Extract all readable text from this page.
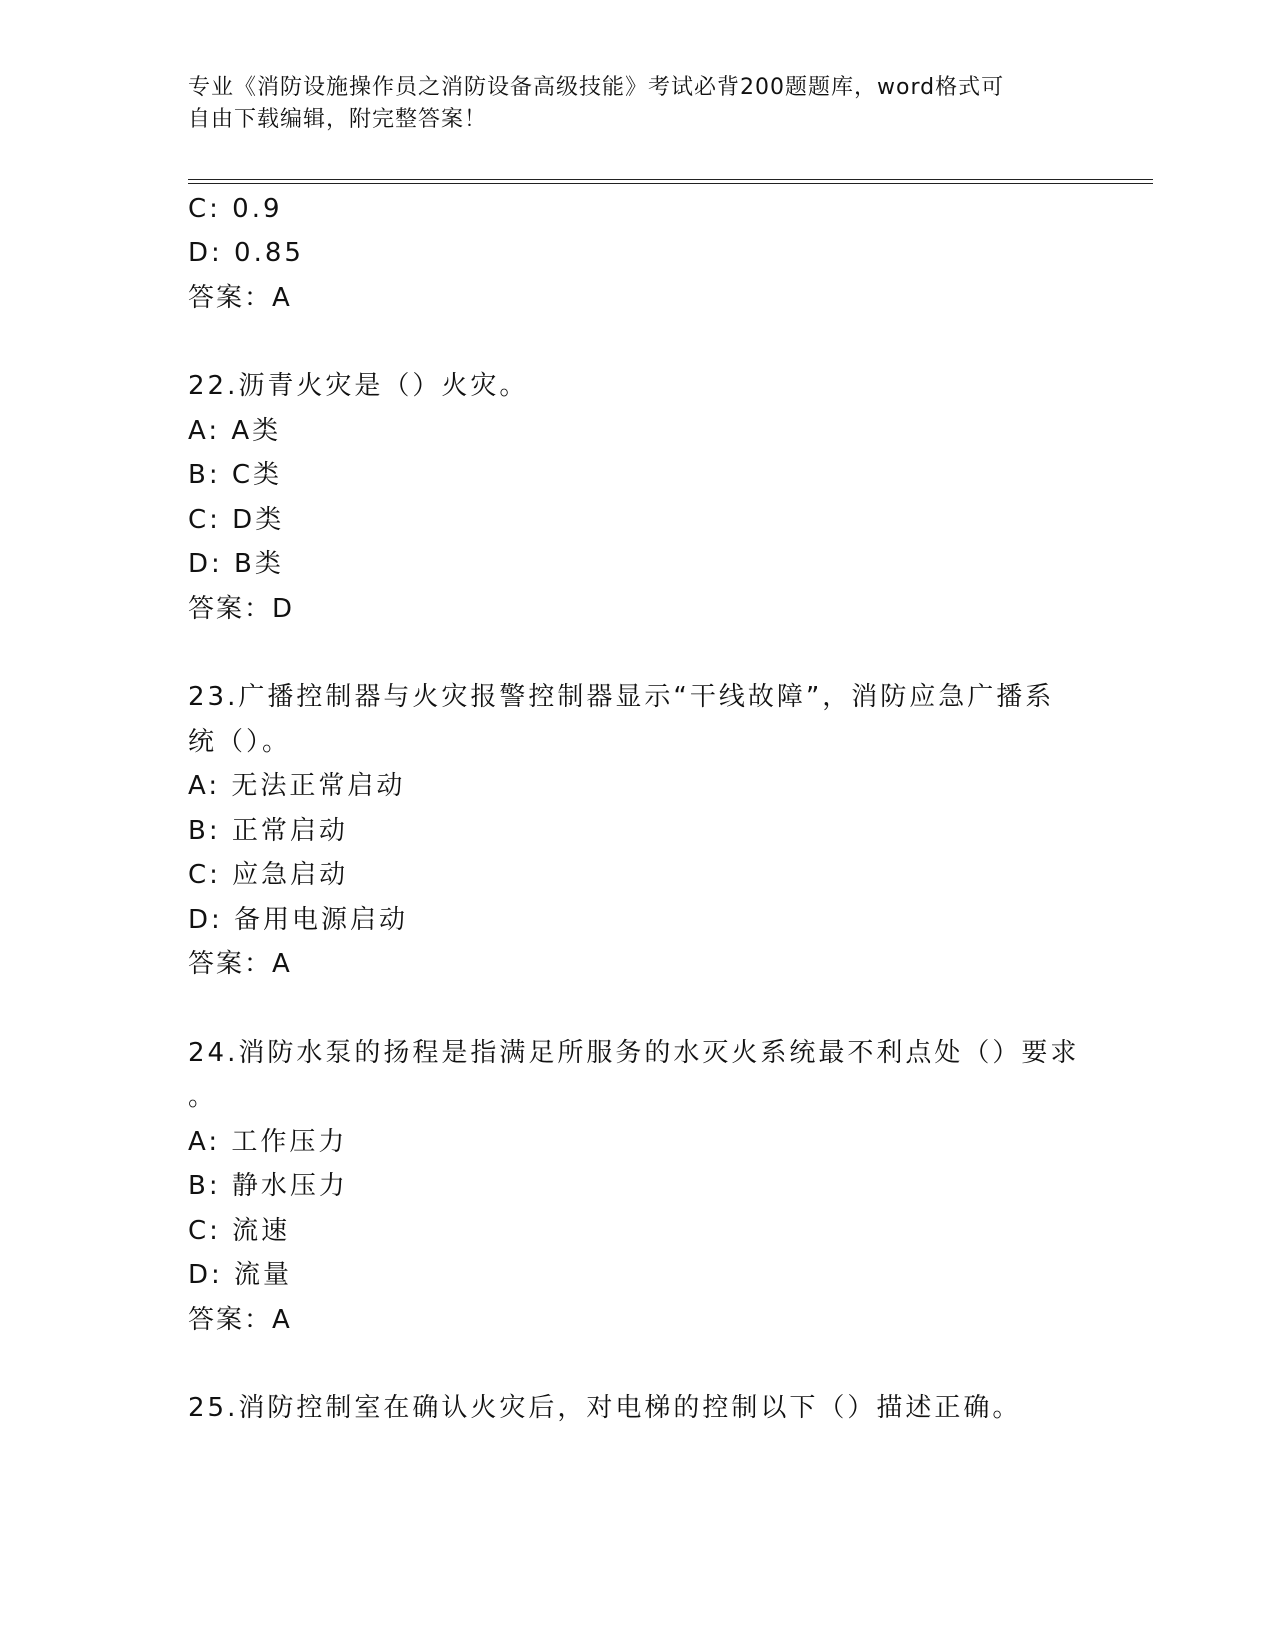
专业《消防设施操作员之消防设备高级技能》考试必背200题题库，word格式可
自由下载编辑，附完整答案！
C: 0.9
D: 0.85
答案：A
22.沥青火灾是（）火灾。
A: A类
B: C类
C: D类
D: B类
答案：D
23.广播控制器与火灾报警控制器显示“干线故障”，消防应急广播系
统（）。
A: 无法正常启动
B: 正常启动
C: 应急启动
D: 备用电源启动
答案：A
24.消防水泵的扬程是指满足所服务的水灭火系统最不利点处（）要求
。
A: 工作压力
B: 静水压力
C: 流速
D: 流量
答案：A
25.消防控制室在确认火灾后，对电梯的控制以下（）描述正确。
